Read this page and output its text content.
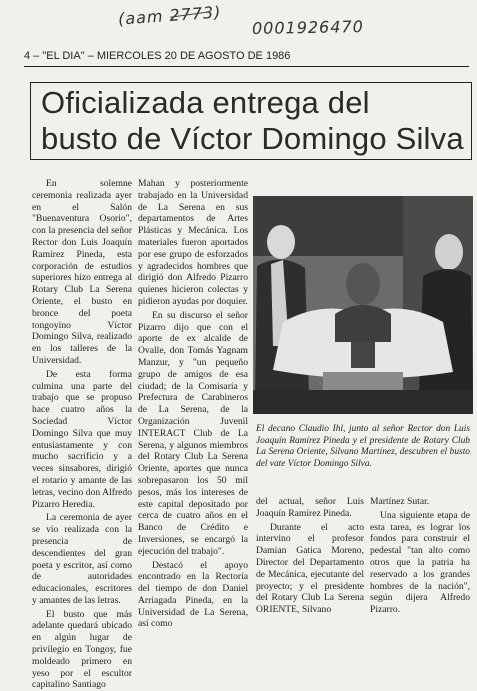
(aam 2773) 0001926470
4 – "EL DIA" – MIERCOLES 20 DE AGOSTO DE 1986
Oficializada entrega del
busto de Víctor Domingo Silva

En solemne ceremonia realizada ayer en el Salón "Buenaventura Osorio", con la presencia del señor Rector don Luis Joaquín Ramírez Pineda, esta corporación de estudios superiores hizo entrega al Rotary Club La Serena Oriente, el busto en bronce del poeta tongoyino Víctor Domingo Silva, realizado en los talleres de la Universidad.

De esta forma culmina una parte del trabajo que se propuso hace cuatro años la Sociedad Víctor Domingo Silva que muy entusiastamente y con mucho sacrificio y a veces sinsabores, dirigió el rotario y amante de las letras, vecino don Alfredo Pizarro Heredia.

La ceremonia de ayer se vio realizada con la presencia de descendientes del gran poeta y escritor, así como de autoridades educacionales, escritores y amantes de las letras.

El busto que más adelante quedará ubicado en algún lugar de privilegio en Tongoy, fue moldeado primero en yeso por el escultor capitalino Santiago

Mahan y posteriormente trabajado en la Universidad de La Serena en sus departamentos de Artes Plásticas y Mecánica. Los materiales fueron aportados por ese grupo de esforzados y agradecidos hombres que dirigió don Alfredo Pizarro quienes hicieron colectas y pidieron ayudas por doquier.

En su discurso el señor Pizarro dijo que con el aporte de ex alcalde de Ovalle, don Tomás Yagnam Manzur, y "un pequeño grupo de amigos de esa ciudad; de la Comisaría y Prefectura de Carabineros de La Serena, de la Organización Juvenil INTERACT Club de La Serena, y algunos miembros del Rotary Club La Serena Oriente, aportes que nunca sobrepasaron los 50 mil pesos, más los intereses de este capital depositado por cerca de cuatro años en el Banco de Crédito e Inversiones, se encargó la ejecución del trabajo".

Destacó el apoyo encontrado en la Rectoría del tiempo de don Daniel Arriagada Pineda, en la Universidad de La Serena, así como

El decano Claudio Ihl, junto al señor Rector don Luis Joaquín Ramírez Pineda y el presidente de Rotary Club La Serena Oriente, Silvano Martínez, descubren el busto del vate Víctor Domingo Silva.

del actual, señor Luis Joaquín Ramírez Pineda.

Durante el acto intervino el profesor Damian Gatica Moreno, Director del Departamento de Mecánica, ejecutante del proyecto; y el presidente del Rotary Club La Serena ORIENTE, Silvano

Martínez Sutar.

Una siguiente etapa de esta tarea, es lograr los fondos para construir el pedestal "tan alto como otros que la patria ha reservado a los grandes hombres de la nación", según dijera Alfredo Pizarro.
